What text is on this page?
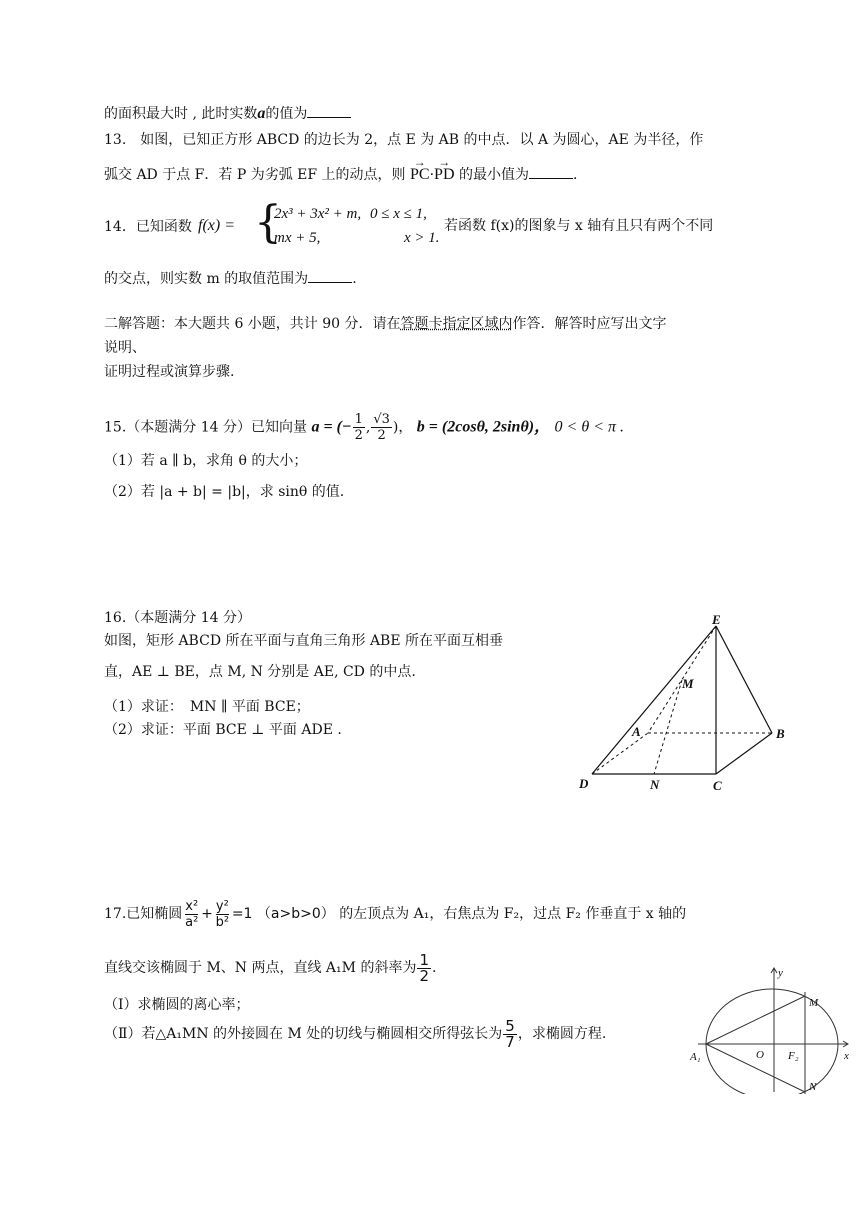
的面积最大时 , 此时实数a的值为
13.　如图，已知正方形 ABCD 的边长为 2，点 E 为 AB 的中点．以 A 为圆心，AE 为半径，作
弧交 AD 于点 F．若 P 为劣弧 EF 上的动点，则 → PC·→ PD 的最小值为	.
14．已知函数 f(x) = {
2x³ + 3x² + m, 0 ≤ x ≤ 1,
mx + 5,	x > 1.
若函数 f(x)的图象与 x 轴有且只有两个不同
的交点，则实数 m 的取值范围为	.
二解答题：本大题共 6 小题，共计 90 分．请在答题卡指定区域内作答．解答时应写出文字
说明、
证明过程或演算步骤.
15.（本题满分 14 分）已知向量 a = (− $\frac{1}{2}$ , $\frac{√3}{2}$ )， b = (2cosθ, 2sinθ)， 0 < θ < π .
（1）若 a ∥ b，求角 θ 的大小；
（2）若 |a + b| = |b|，求 sinθ 的值.
16.（本题满分 14 分）
如图，矩形 ABCD 所在平面与直角三角形 ABE 所在平面互相垂
直，AE ⊥ BE，点 M, N 分别是 AE, CD 的中点.
（1）求证：　MN ∥ 平面 BCE；
（2）求证：平面 BCE ⊥ 平面 ADE .
E
M
A	B
D	N	C
17.已知椭圆 $\frac{\text{x²}}{\text{a²}} + \frac{\text{y²}}{\text{b²}} =1$ （a>b>0） 的左顶点为 A₁，右焦点为 F₂，过点 F₂ 作垂直于 x 轴的
直线交该椭圆于 M、N 两点，直线 A₁M 的斜率为 $\frac{1}{2}$ .
（Ⅰ）求椭圆的离心率；
（Ⅱ）若△A₁MN 的外接圆在 M 处的切线与椭圆相交所得弦长为 $\frac{5}{7}$ ，求椭圆方程.
y
M
A₁	O F₂	x
N
